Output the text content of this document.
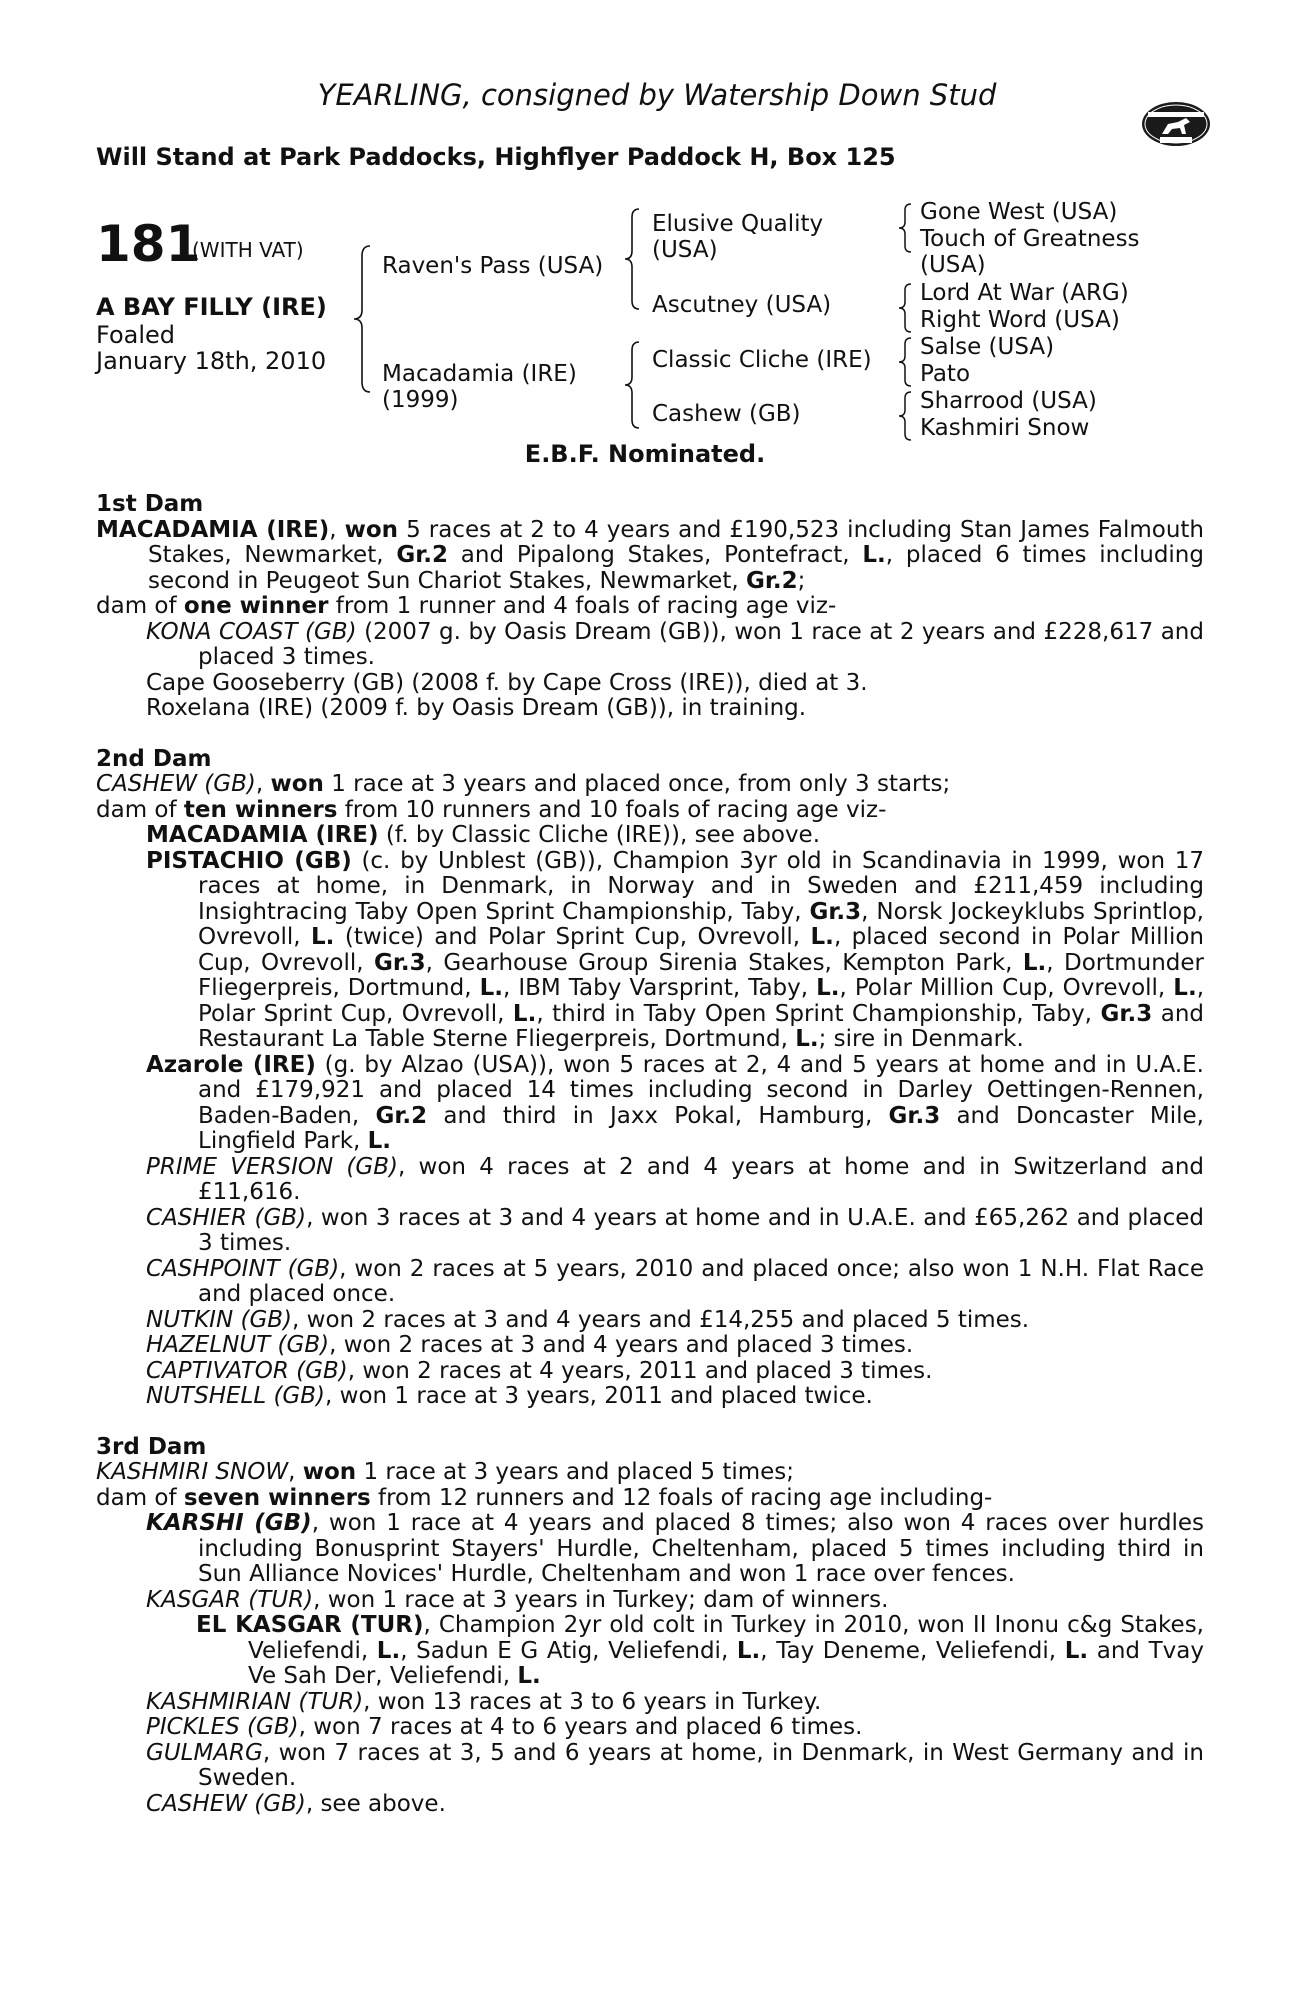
YEARLING, consigned by Watership Down Stud
Will Stand at Park Paddocks, Highflyer Paddock H, Box 125
181
(WITH VAT)
A BAY FILLY (IRE)
Foaled
January 18th, 2010
Raven's Pass (USA)
Macadamia (IRE)
(1999)
Elusive Quality
(USA)
Ascutney (USA)
Classic Cliche (IRE)
Cashew (GB)
Gone West (USA)
Touch of Greatness
(USA)
Lord At War (ARG)
Right Word (USA)
Salse (USA)
Pato
Sharrood (USA)
Kashmiri Snow
E.B.F. Nominated.
1st Dam
MACADAMIA (IRE), won 5 races at 2 to 4 years and £190,523 including Stan James Falmouth Stakes, Newmarket, Gr.2 and Pipalong Stakes, Pontefract, L., placed 6 times including second in Peugeot Sun Chariot Stakes, Newmarket, Gr.2;
dam of one winner from 1 runner and 4 foals of racing age viz-
KONA COAST (GB) (2007 g. by Oasis Dream (GB)), won 1 race at 2 years and £228,617 and placed 3 times.
Cape Gooseberry (GB) (2008 f. by Cape Cross (IRE)), died at 3.
Roxelana (IRE) (2009 f. by Oasis Dream (GB)), in training.
2nd Dam
CASHEW (GB), won 1 race at 3 years and placed once, from only 3 starts;
dam of ten winners from 10 runners and 10 foals of racing age viz-
MACADAMIA (IRE) (f. by Classic Cliche (IRE)), see above.
PISTACHIO (GB) (c. by Unblest (GB)), Champion 3yr old in Scandinavia in 1999, won 17 races at home, in Denmark, in Norway and in Sweden and £211,459 including Insightracing Taby Open Sprint Championship, Taby, Gr.3, Norsk Jockeyklubs Sprintlop, Ovrevoll, L. (twice) and Polar Sprint Cup, Ovrevoll, L., placed second in Polar Million Cup, Ovrevoll, Gr.3, Gearhouse Group Sirenia Stakes, Kempton Park, L., Dortmunder Fliegerpreis, Dortmund, L., IBM Taby Varsprint, Taby, L., Polar Million Cup, Ovrevoll, L., Polar Sprint Cup, Ovrevoll, L., third in Taby Open Sprint Championship, Taby, Gr.3 and Restaurant La Table Sterne Fliegerpreis, Dortmund, L.; sire in Denmark.
Azarole (IRE) (g. by Alzao (USA)), won 5 races at 2, 4 and 5 years at home and in U.A.E. and £179,921 and placed 14 times including second in Darley Oettingen-Rennen, Baden-Baden, Gr.2 and third in Jaxx Pokal, Hamburg, Gr.3 and Doncaster Mile, Lingfield Park, L.
PRIME VERSION (GB), won 4 races at 2 and 4 years at home and in Switzerland and £11,616.
CASHIER (GB), won 3 races at 3 and 4 years at home and in U.A.E. and £65,262 and placed 3 times.
CASHPOINT (GB), won 2 races at 5 years, 2010 and placed once; also won 1 N.H. Flat Race and placed once.
NUTKIN (GB), won 2 races at 3 and 4 years and £14,255 and placed 5 times.
HAZELNUT (GB), won 2 races at 3 and 4 years and placed 3 times.
CAPTIVATOR (GB), won 2 races at 4 years, 2011 and placed 3 times.
NUTSHELL (GB), won 1 race at 3 years, 2011 and placed twice.
3rd Dam
KASHMIRI SNOW, won 1 race at 3 years and placed 5 times;
dam of seven winners from 12 runners and 12 foals of racing age including-
KARSHI (GB), won 1 race at 4 years and placed 8 times; also won 4 races over hurdles including Bonusprint Stayers' Hurdle, Cheltenham, placed 5 times including third in Sun Alliance Novices' Hurdle, Cheltenham and won 1 race over fences.
KASGAR (TUR), won 1 race at 3 years in Turkey; dam of winners.
EL KASGAR (TUR), Champion 2yr old colt in Turkey in 2010, won II Inonu c&g Stakes, Veliefendi, L., Sadun E G Atig, Veliefendi, L., Tay Deneme, Veliefendi, L. and Tvay Ve Sah Der, Veliefendi, L.
KASHMIRIAN (TUR), won 13 races at 3 to 6 years in Turkey.
PICKLES (GB), won 7 races at 4 to 6 years and placed 6 times.
GULMARG, won 7 races at 3, 5 and 6 years at home, in Denmark, in West Germany and in Sweden.
CASHEW (GB), see above.
